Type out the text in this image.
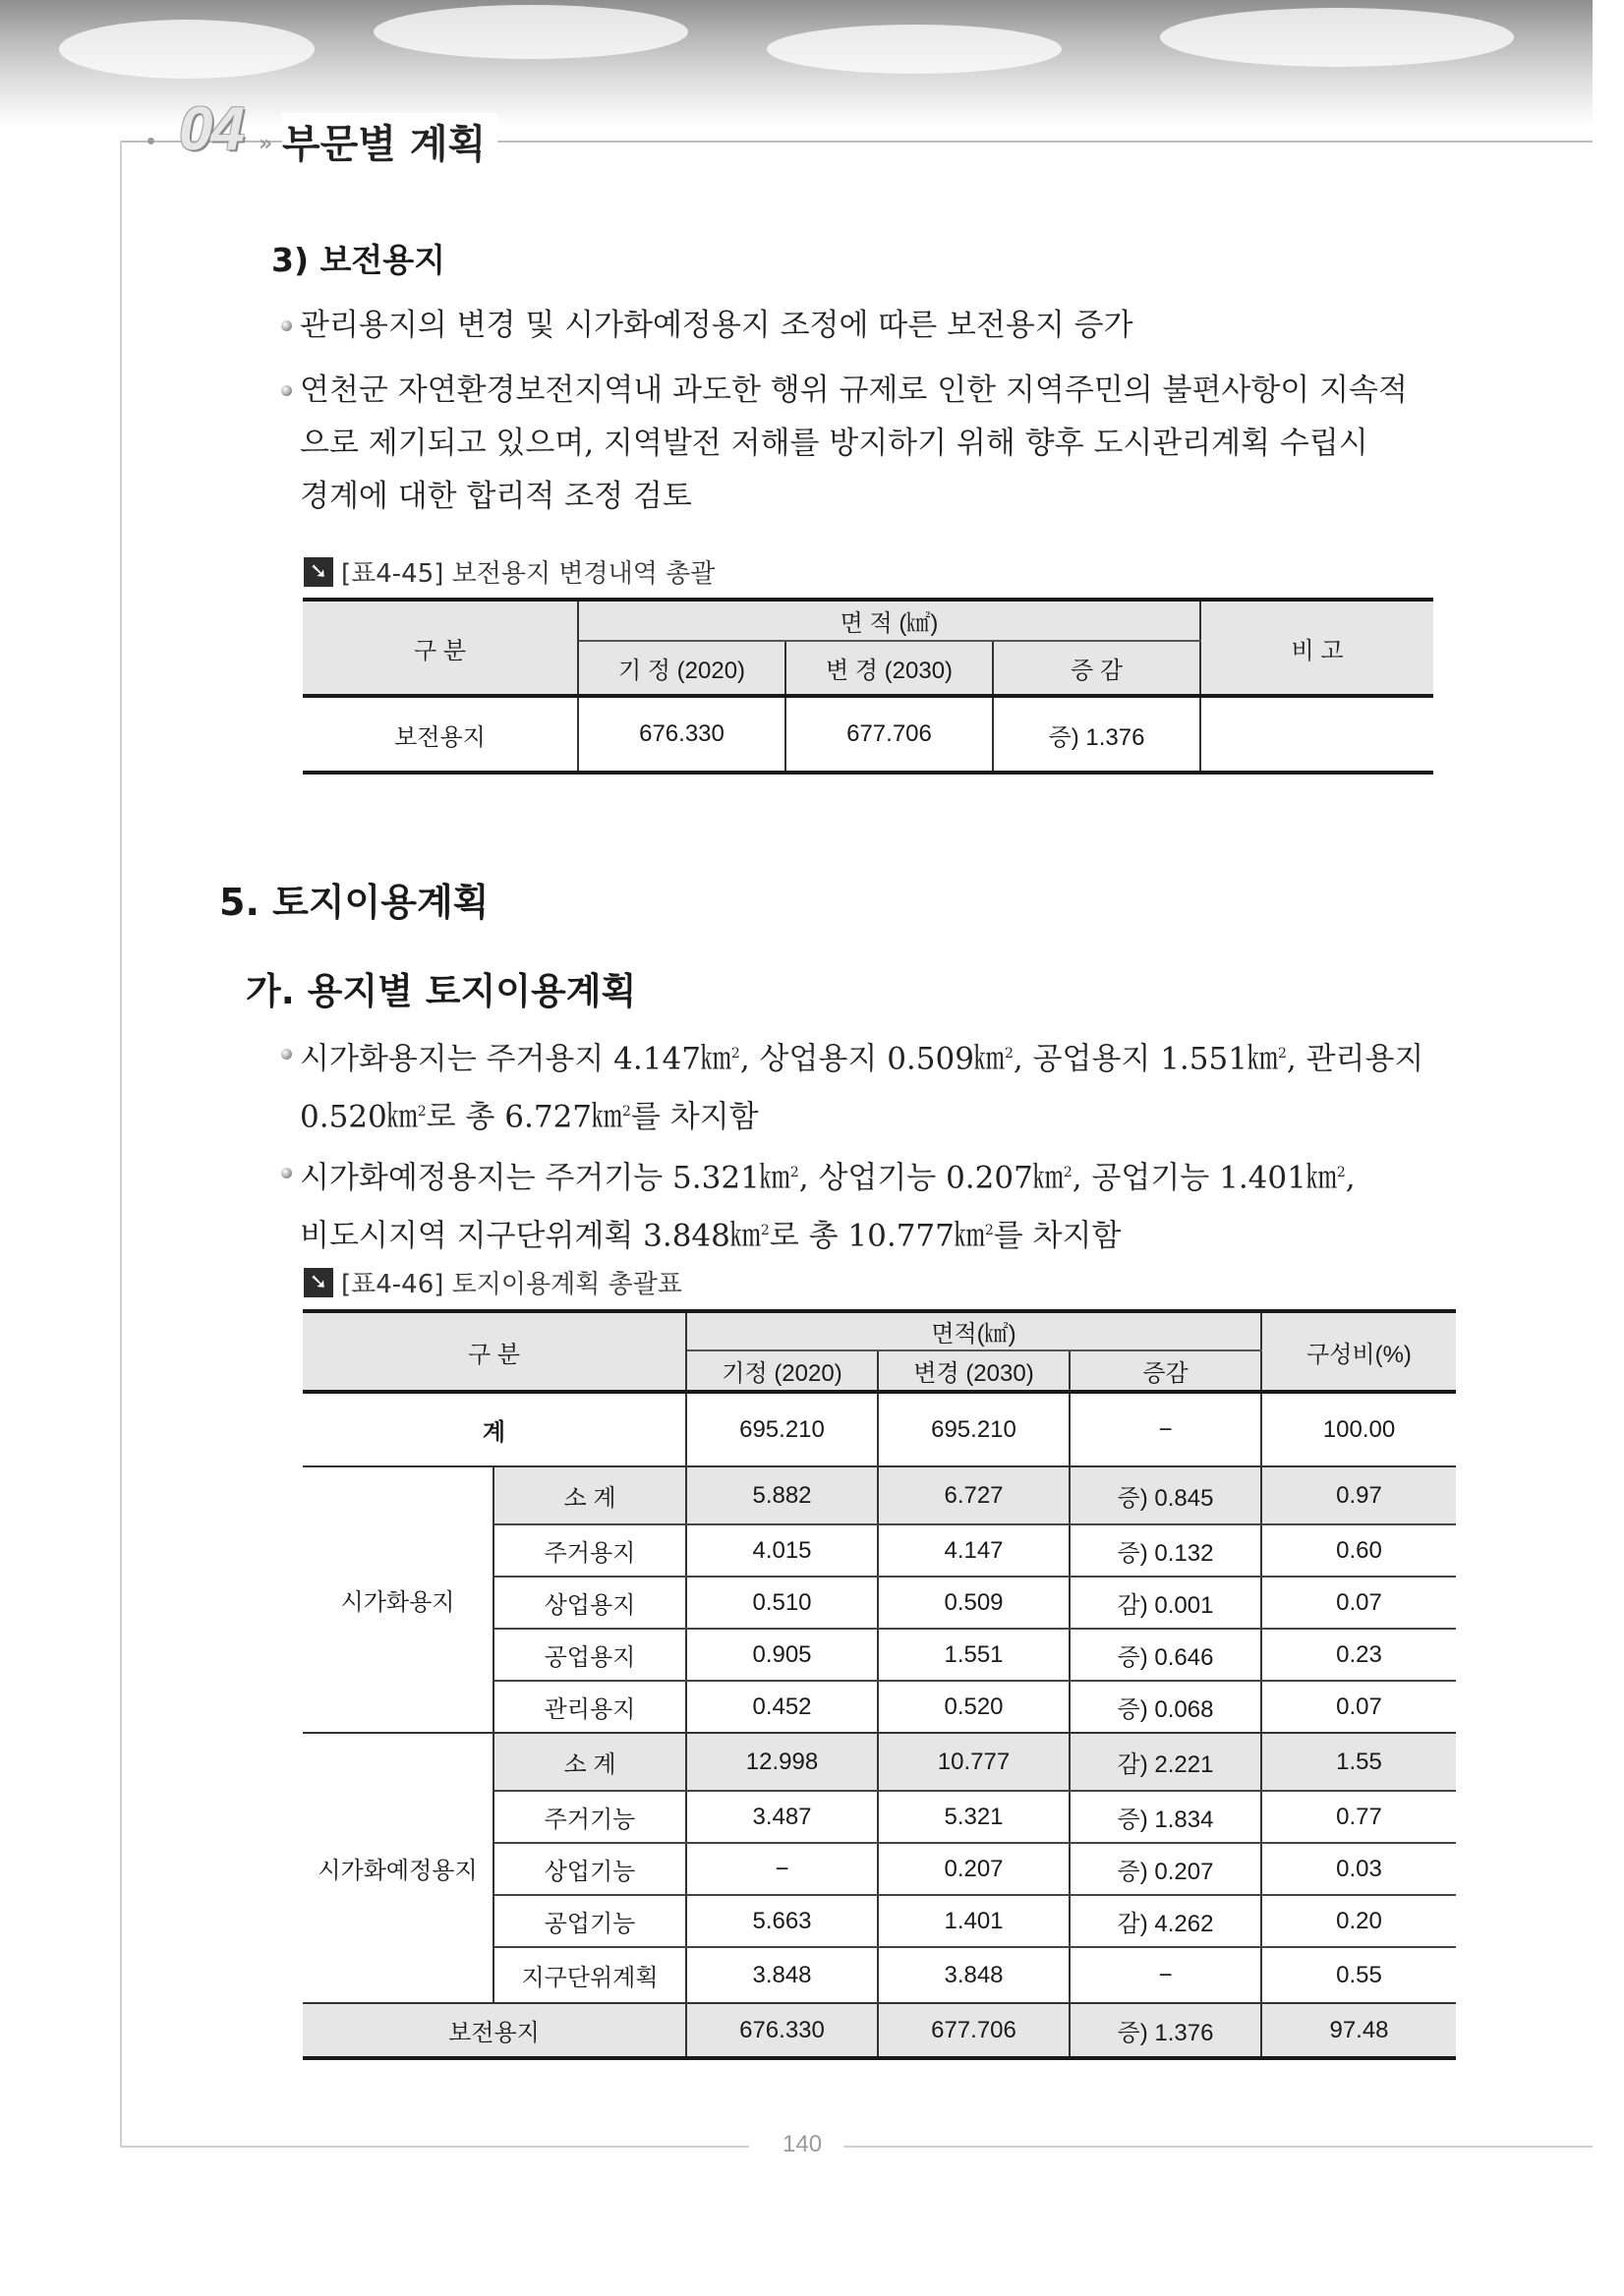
04 » 부문별 계획
3) 보전용지
관리용지의 변경 및 시가화예정용지 조정에 따른 보전용지 증가
연천군 자연환경보전지역내 과도한 행위 규제로 인한 지역주민의 불편사항이 지속적
으로 제기되고 있으며, 지역발전 저해를 방지하기 위해 향후 도시관리계획 수립시
경계에 대한 합리적 조정 검토
➘ [표4-45] 보전용지 변경내역 총괄
구 분	면 적 (㎢)			비 고
	기 정 (2020)	변 경 (2030)	증 감	
보전용지	676.330	677.706	증) 1.376	
5. 토지이용계획
가. 용지별 토지이용계획
시가화용지는 주거용지 4.147㎞$^2$, 상업용지 0.509㎞$^2$, 공업용지 1.551㎞$^2$, 관리용지
0.520㎞$^2$로 총 6.727㎞$^2$를 차지함
시가화예정용지는 주거기능 5.321㎞$^2$, 상업기능 0.207㎞$^2$, 공업기능 1.401㎞$^2$,
비도시지역 지구단위계획 3.848㎞$^2$로 총 10.777㎞$^2$를 차지함
➘ [표4-46] 토지이용계획 총괄표
구 분		면적(㎢)			구성비(%)
		기정 (2020)	변경 (2030)	증감	
계		695.210	695.210	−	100.00
시가화용지	소 계	5.882	6.727	증) 0.845	0.97
	주거용지	4.015	4.147	증) 0.132	0.60
	상업용지	0.510	0.509	감) 0.001	0.07
	공업용지	0.905	1.551	증) 0.646	0.23
	관리용지	0.452	0.520	증) 0.068	0.07
시가화예정용지	소 계	12.998	10.777	감) 2.221	1.55
	주거기능	3.487	5.321	증) 1.834	0.77
	상업기능	−	0.207	증) 0.207	0.03
	공업기능	5.663	1.401	감) 4.262	0.20
	지구단위계획	3.848	3.848	−	0.55
보전용지		676.330	677.706	증) 1.376	97.48
140
